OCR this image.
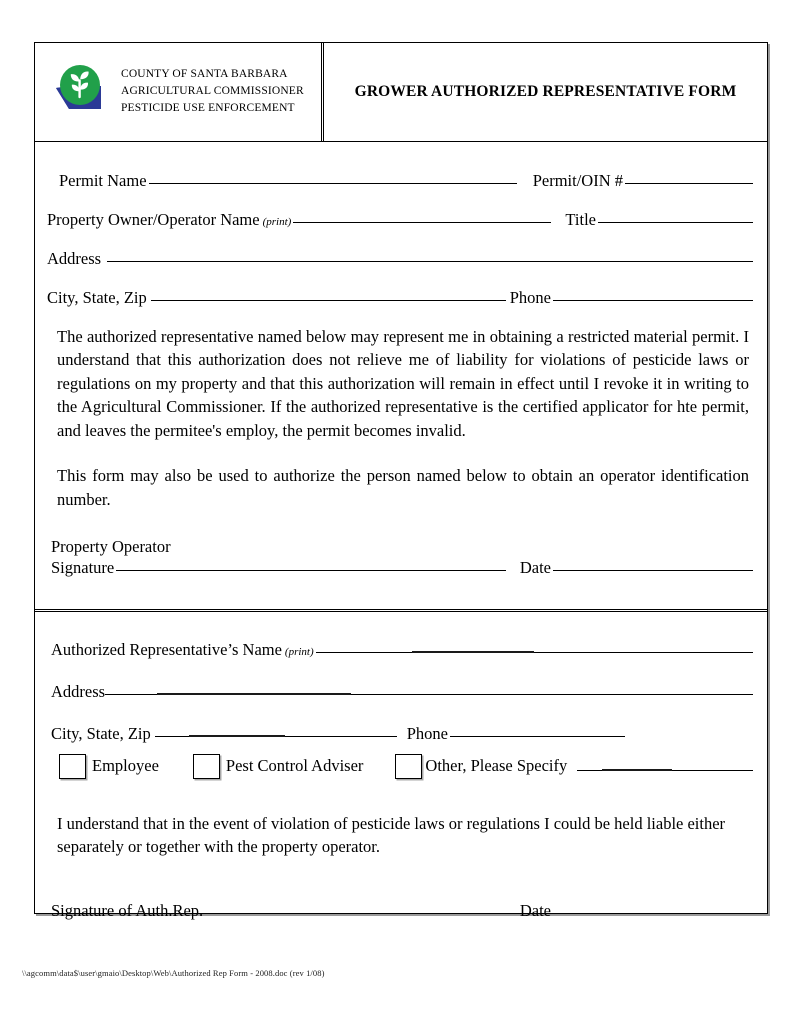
COUNTY OF SANTA BARBARA
AGRICULTURAL COMMISSIONER
PESTICIDE USE ENFORCEMENT
GROWER AUTHORIZED REPRESENTATIVE FORM
Permit Name	Permit/OIN #
Property Owner/Operator Name (print)	Title
Address
City, State, Zip	Phone

The authorized representative named below may represent me in obtaining a restricted material permit. I understand that this authorization does not relieve me of liability for violations of pesticide laws or regulations on my property and that this authorization will remain in effect until I revoke it in writing to the Agricultural Commissioner. If the authorized representative is the certified applicator for hte permit, and leaves the permitee's employ, the permit becomes invalid.

This form may also be used to authorize the person named below to obtain an operator identification number.

Property Operator
Signature	Date
Authorized Representative’s Name (print)
Address
City, State, Zip	Phone
Employee	Pest Control Adviser	Other, Please Specify

I understand that in the event of violation of pesticide laws or regulations I could be held liable either separately or together with the property operator.

Signature of Auth.Rep.	Date
\\agcomm\data$\user\gmaio\Desktop\Web\Authorized Rep Form - 2008.doc (rev 1/08)
